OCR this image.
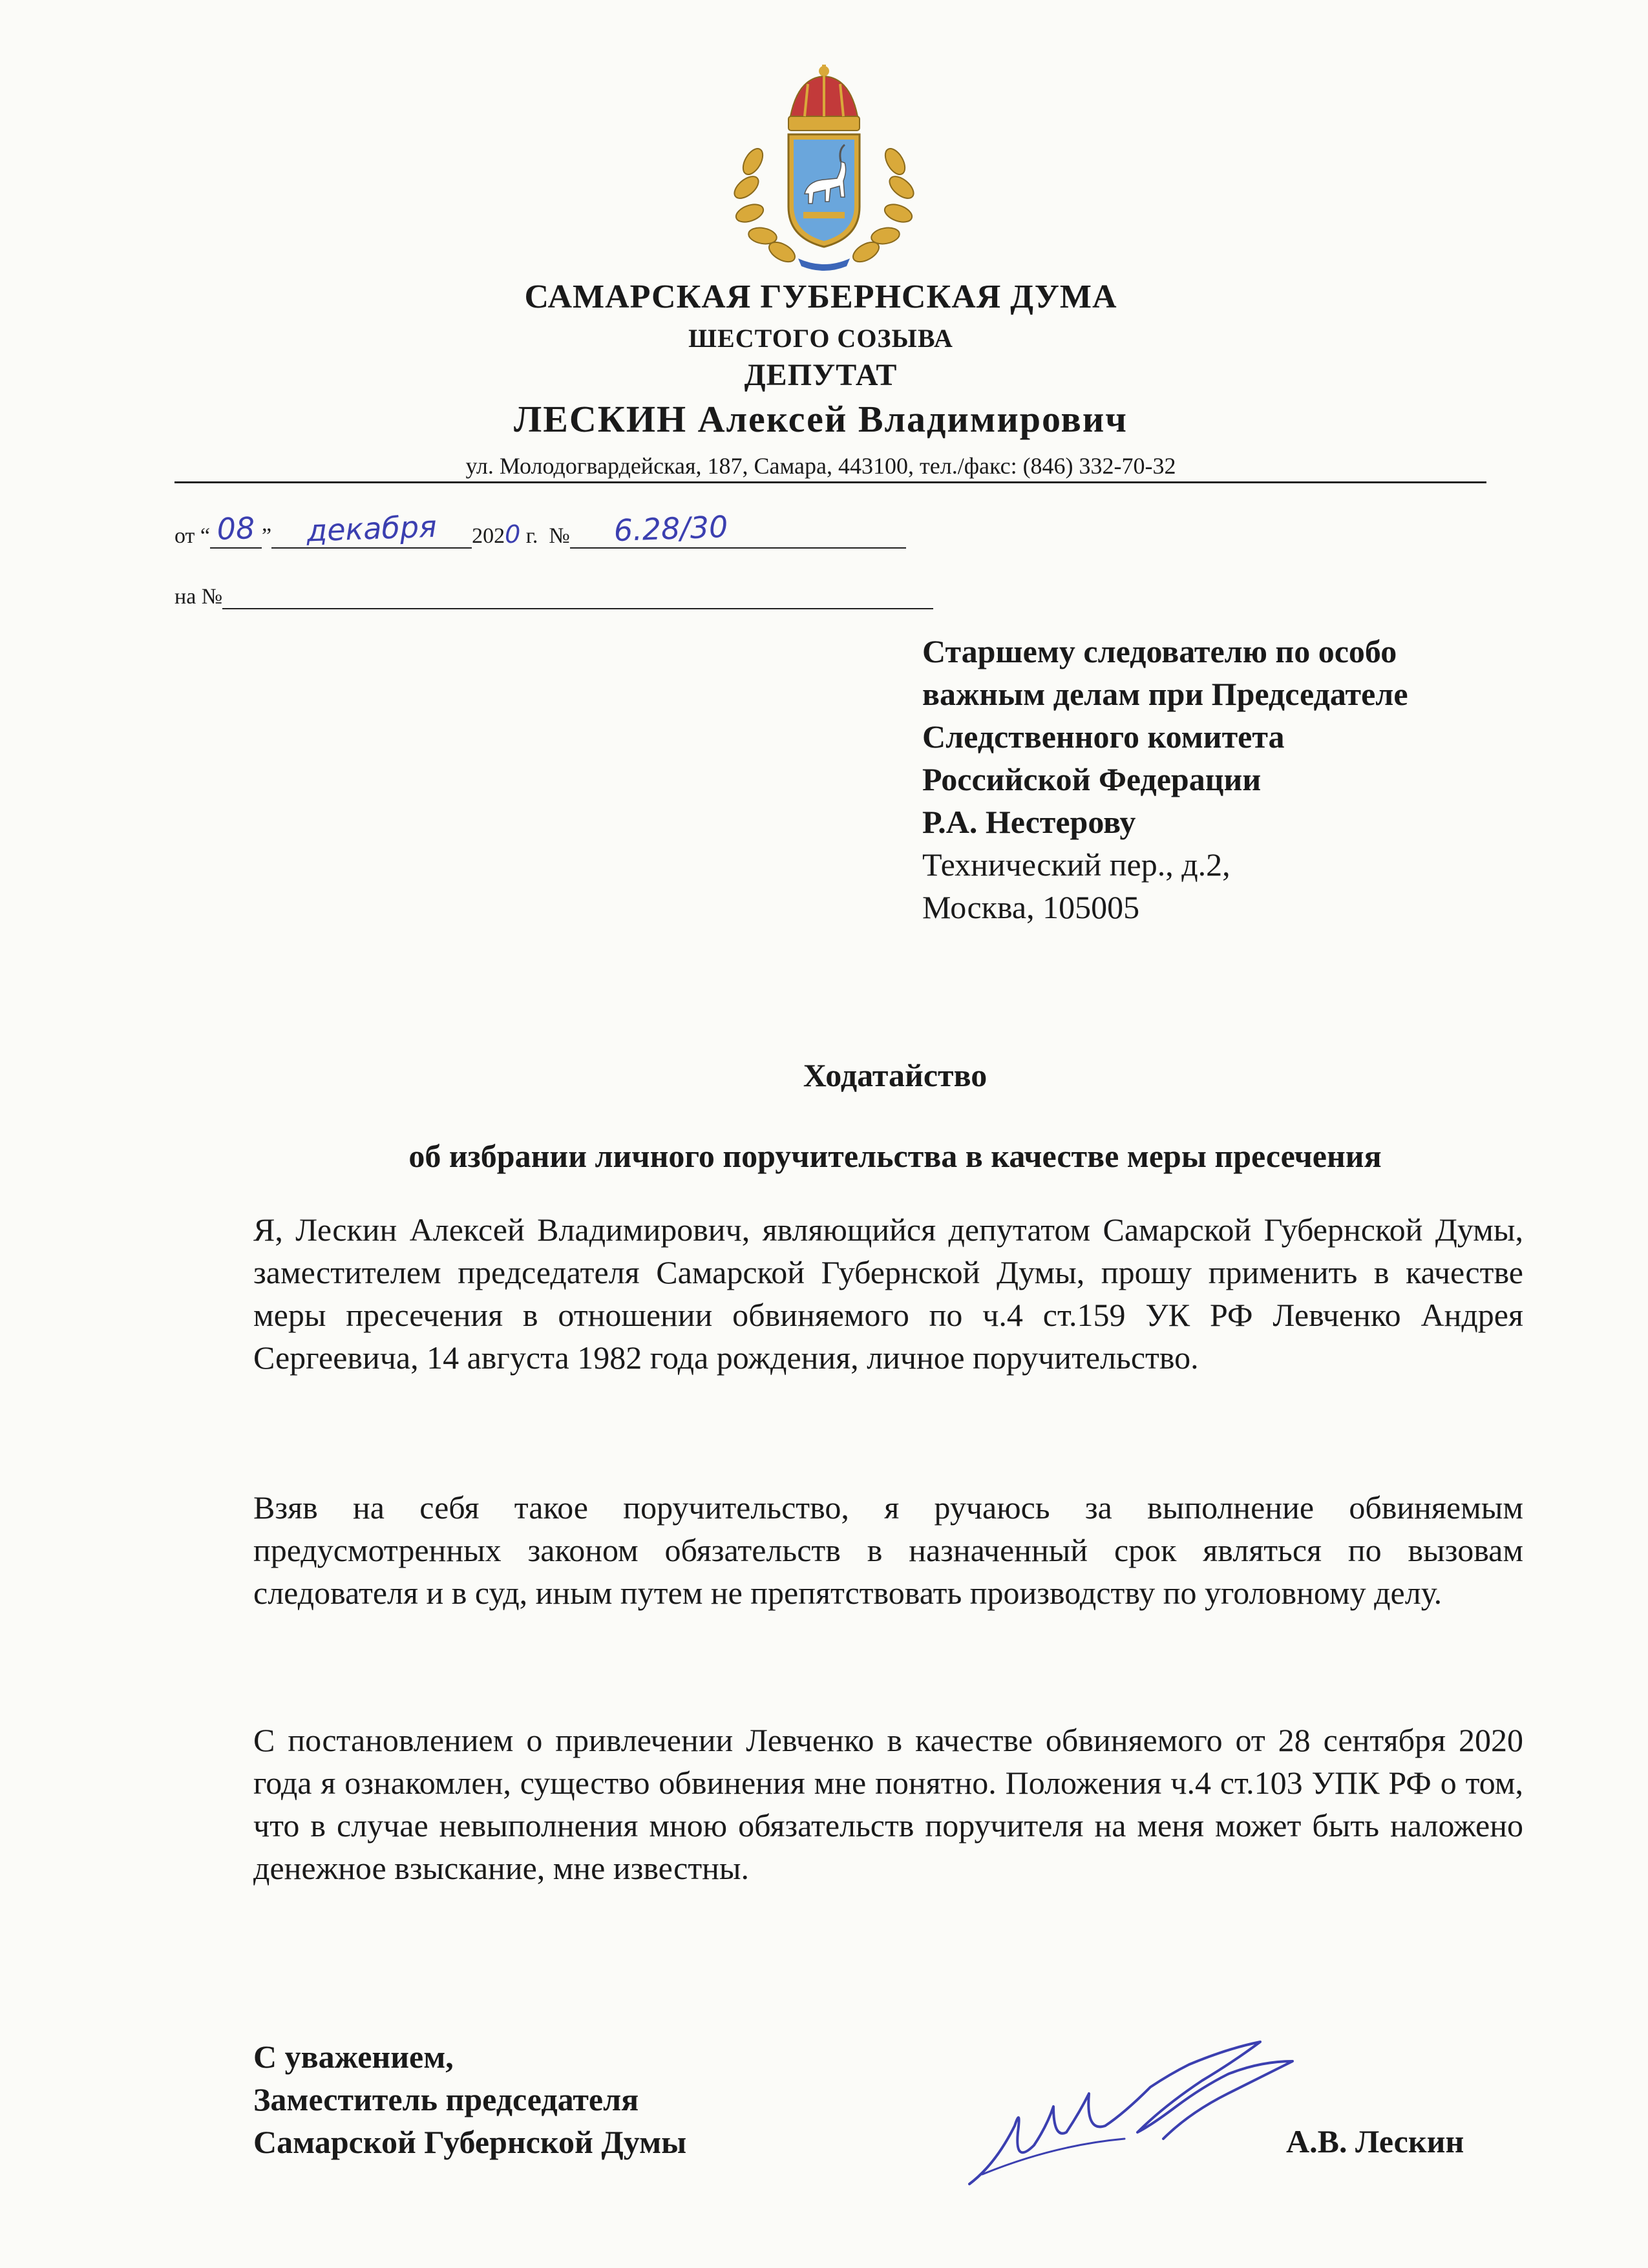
САМАРСКАЯ ГУБЕРНСКАЯ ДУМА
ШЕСТОГО СОЗЫВА
ДЕПУТАТ
ЛЕСКИН Алексей Владимирович
ул. Молодогвардейская, 187, Самара, 443100, тел./факс: (846) 332-70-32
от “ 08 ” декабря 2020 г. № 6.28/30
на №
Старшему следователю по особо
важным делам при Председателе
Следственного комитета
Российской Федерации
Р.А. Нестерову
Технический пер., д.2,
Москва, 105005
Ходатайство
об избрании личного поручительства в качестве меры пресечения
Я, Лескин Алексей Владимирович, являющийся депутатом Самарской Губернской Думы, заместителем председателя Самарской Губернской Думы, прошу применить в качестве меры пресечения в отношении обвиняемого по ч.4 ст.159 УК РФ Левченко Андрея Сергеевича, 14 августа 1982 года рождения, личное поручительство.
Взяв на себя такое поручительство, я ручаюсь за выполнение обвиняемым предусмотренных законом обязательств в назначенный срок являться по вызовам следователя и в суд, иным путем не препятствовать производству по уголовному делу.
С постановлением о привлечении Левченко в качестве обвиняемого от 28 сентября 2020 года я ознакомлен, существо обвинения мне понятно. Положения ч.4 ст.103 УПК РФ о том, что в случае невыполнения мною обязательств поручителя на меня может быть наложено денежное взыскание, мне известны.
С уважением,
Заместитель председателя
Самарской Губернской Думы	А.В. Лескин
